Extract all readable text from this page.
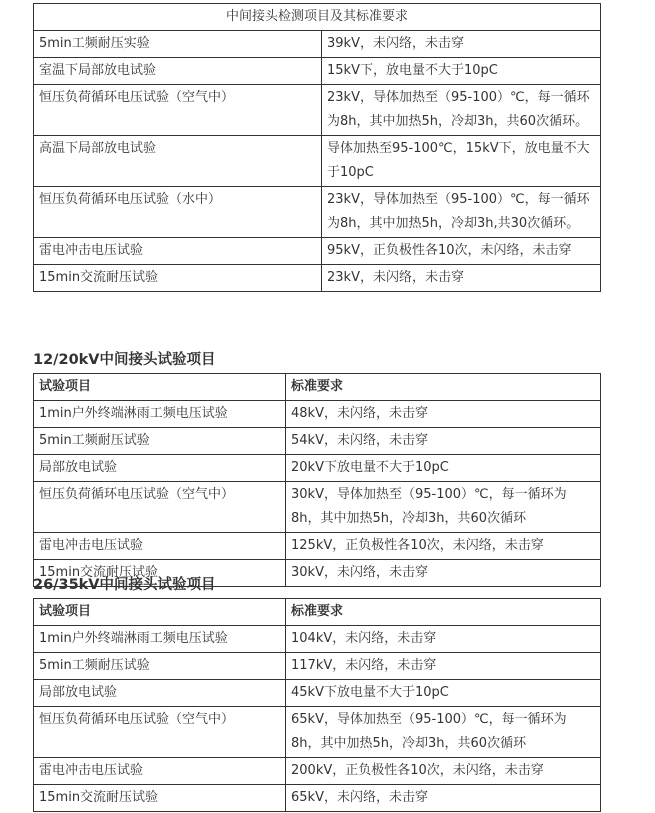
中间接头检测项目及其标准要求	
5min工频耐压实验	39kV，未闪络，未击穿
室温下局部放电试验	15kV下，放电量不大于10pC
恒压负荷循环电压试验（空气中）	23kV，导体加热至（95-100）℃，每一循环为8h，其中加热5h，冷却3h，共60次循环。
高温下局部放电试验	导体加热至95-100℃，15kV下，放电量不大于10pC
恒压负荷循环电压试验（水中）	23kV，导体加热至（95-100）℃，每一循环为8h，其中加热5h，冷却3h,共30次循环。
雷电冲击电压试验	95kV，正负极性各10次，未闪络，未击穿
15min交流耐压试验	23kV，未闪络，未击穿
12/20kV中间接头试验项目
试验项目	标准要求
1min户外终端淋雨工频电压试验	48kV，未闪络，未击穿
5min工频耐压试验	54kV，未闪络，未击穿
局部放电试验	20kV下放电量不大于10pC
恒压负荷循环电压试验（空气中）	30kV，导体加热至（95-100）℃，每一循环为8h，其中加热5h，冷却3h，共60次循环
雷电冲击电压试验	125kV，正负极性各10次，未闪络，未击穿
15min交流耐压试验	30kV，未闪络，未击穿
26/35kV中间接头试验项目
试验项目	标准要求
1min户外终端淋雨工频电压试验	104kV，未闪络，未击穿
5min工频耐压试验	117kV，未闪络，未击穿
局部放电试验	45kV下放电量不大于10pC
恒压负荷循环电压试验（空气中）	65kV，导体加热至（95-100）℃，每一循环为8h，其中加热5h，冷却3h，共60次循环
雷电冲击电压试验	200kV，正负极性各10次，未闪络，未击穿
15min交流耐压试验	65kV，未闪络，未击穿
